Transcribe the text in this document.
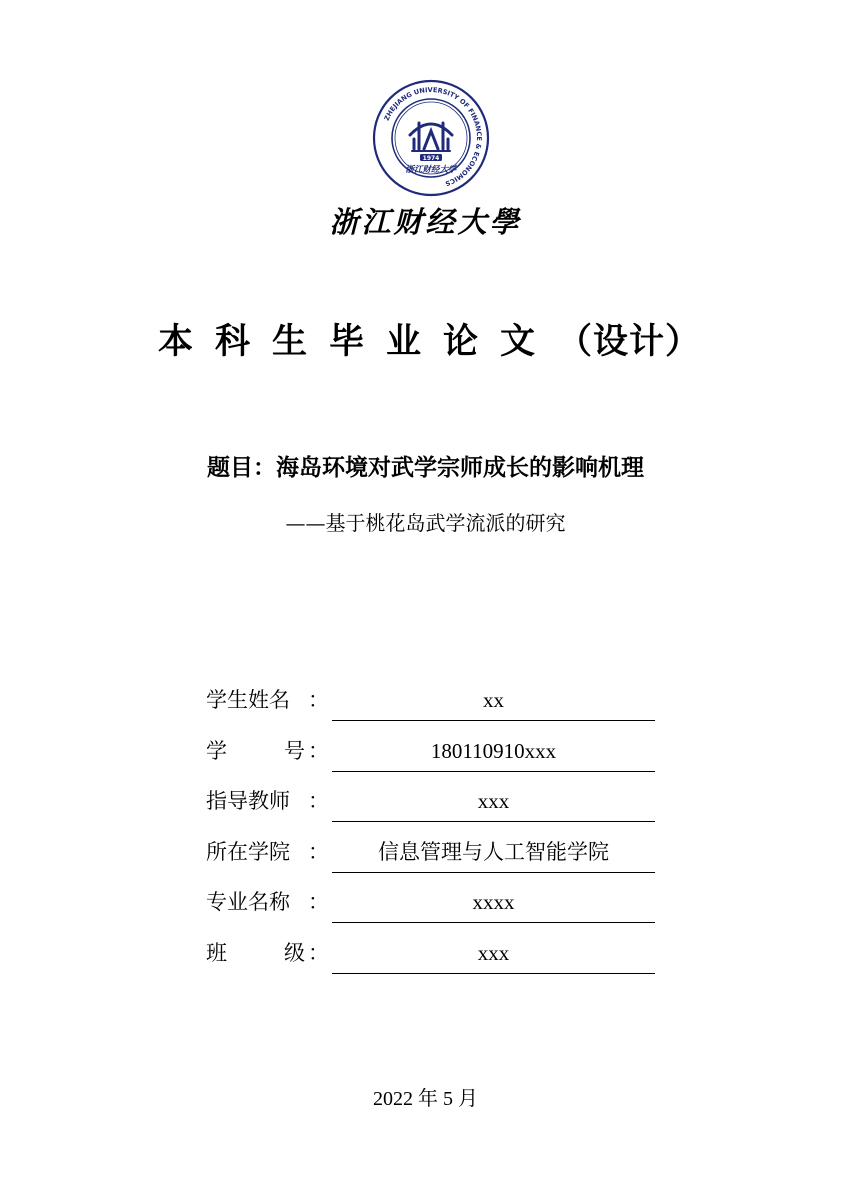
ZHEJIANG UNIVERSITY OF FINANCE & ECONOMICS
1974
浙江财经大学
浙江财经大學
本科生毕业论文（设计）
题目：海岛环境对武学宗师成长的影响机理
——基于桃花岛武学流派的研究
学生姓名 ：	xx
学号 ：	180110910xxx
指导教师 ：	xxx
所在学院 ：	信息管理与人工智能学院
专业名称 ：	xxxx
班级 ：	xxx
2022 年 5 月
